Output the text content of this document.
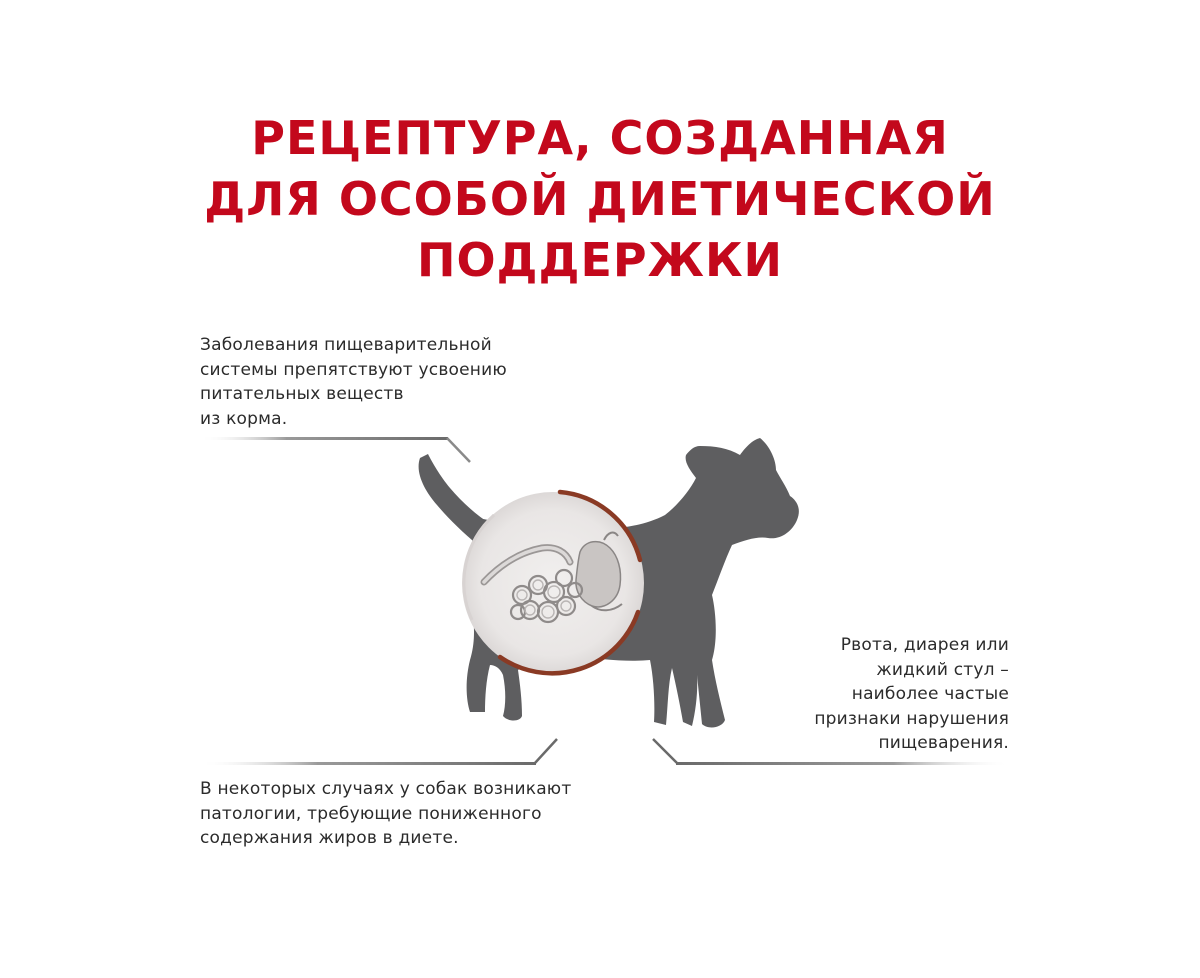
РЕЦЕПТУРА, СОЗДАННАЯ
ДЛЯ ОСОБОЙ ДИЕТИЧЕСКОЙ
ПОДДЕРЖКИ
Заболевания пищеварительной
системы препятствуют усвоению
питательных веществ
из корма.
Рвота, диарея или
жидкий стул –
наиболее частые
признаки нарушения
пищеварения.
В некоторых случаях у собак возникают
патологии, требующие пониженного
содержания жиров в диете.
